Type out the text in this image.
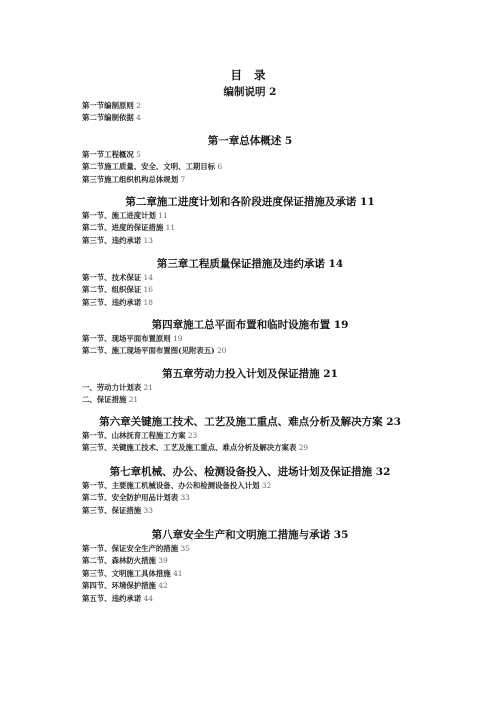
目 录
编制说明 2
第一节编制原则 2
第二节编制依据 4
第一章总体概述 5
第一节工程概况 5
第二节施工质量、安全、文明、工期目标 6
第三节施工组织机构总体规划 7
第二章施工进度计划和各阶段进度保证措施及承诺 11
第一节、施工进度计划 11
第二节、进度的保证措施 11
第三节、违约承诺 13
第三章工程质量保证措施及违约承诺 14
第一节、技术保证 14
第二节、组织保证 16
第三节、违约承诺 18
第四章施工总平面布置和临时设施布置 19
第一节、现场平面布置原则 19
第二节、施工现场平面布置图(见附表五) 20
第五章劳动力投入计划及保证措施 21
一、劳动力计划表 21
二、保证措施 21
第六章关键施工技术、工艺及施工重点、难点分析及解决方案 23
第一节、山林抚育工程施工方案 23
第三节、关键施工技术、工艺及施工重点、难点分析及解决方案表 29
第七章机械、办公、检测设备投入、进场计划及保证措施 32
第一节、主要施工机械设备、办公和检测设备投入计划 32
第二节、安全防护用品计划表 33
第三节、保证措施 33
第八章安全生产和文明施工措施与承诺 35
第一节、保证安全生产的措施 35
第二节、森林防火措施 39
第三节、文明施工具体措施 41
第四节、环境保护措施 42
第五节、违约承诺 44
